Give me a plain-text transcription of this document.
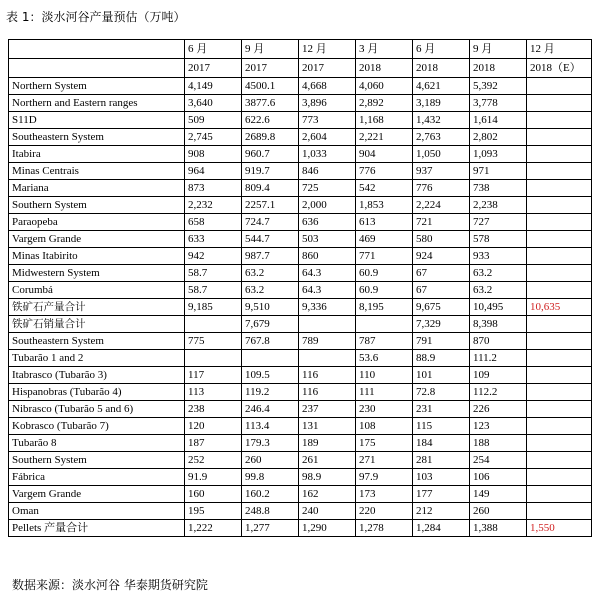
表 1：淡水河谷产量预估（万吨）
	6 月	9 月	12 月	3 月	6 月	9 月	12 月
	2017	2017	2017	2018	2018	2018	2018（E）
Northern System	4,149	4500.1	4,668	4,060	4,621	5,392	
Northern and Eastern ranges	3,640	3877.6	3,896	2,892	3,189	3,778	
S11D	509	622.6	773	1,168	1,432	1,614	
Southeastern System	2,745	2689.8	2,604	2,221	2,763	2,802	
Itabira	908	960.7	1,033	904	1,050	1,093	
Minas Centrais	964	919.7	846	776	937	971	
Mariana	873	809.4	725	542	776	738	
Southern System	2,232	2257.1	2,000	1,853	2,224	2,238	
Paraopeba	658	724.7	636	613	721	727	
Vargem Grande	633	544.7	503	469	580	578	
Minas Itabirito	942	987.7	860	771	924	933	
Midwestern System	58.7	63.2	64.3	60.9	67	63.2	
Corumbá	58.7	63.2	64.3	60.9	67	63.2	
铁矿石产量合计	9,185	9,510	9,336	8,195	9,675	10,495	10,635
铁矿石销量合计		7,679			7,329	8,398	
Southeastern System	775	767.8	789	787	791	870	
Tubarão 1 and 2				53.6	88.9	111.2	
Itabrasco (Tubarão 3)	117	109.5	116	110	101	109	
Hispanobras (Tubarão 4)	113	119.2	116	111	72.8	112.2	
Nibrasco (Tubarão 5 and 6)	238	246.4	237	230	231	226	
Kobrasco (Tubarão 7)	120	113.4	131	108	115	123	
Tubarão 8	187	179.3	189	175	184	188	
Southern System	252	260	261	271	281	254	
Fábrica	91.9	99.8	98.9	97.9	103	106	
Vargem Grande	160	160.2	162	173	177	149	
Oman	195	248.8	240	220	212	260	
Pellets 产量合计	1,222	1,277	1,290	1,278	1,284	1,388	1,550
数据来源：淡水河谷 华泰期货研究院
